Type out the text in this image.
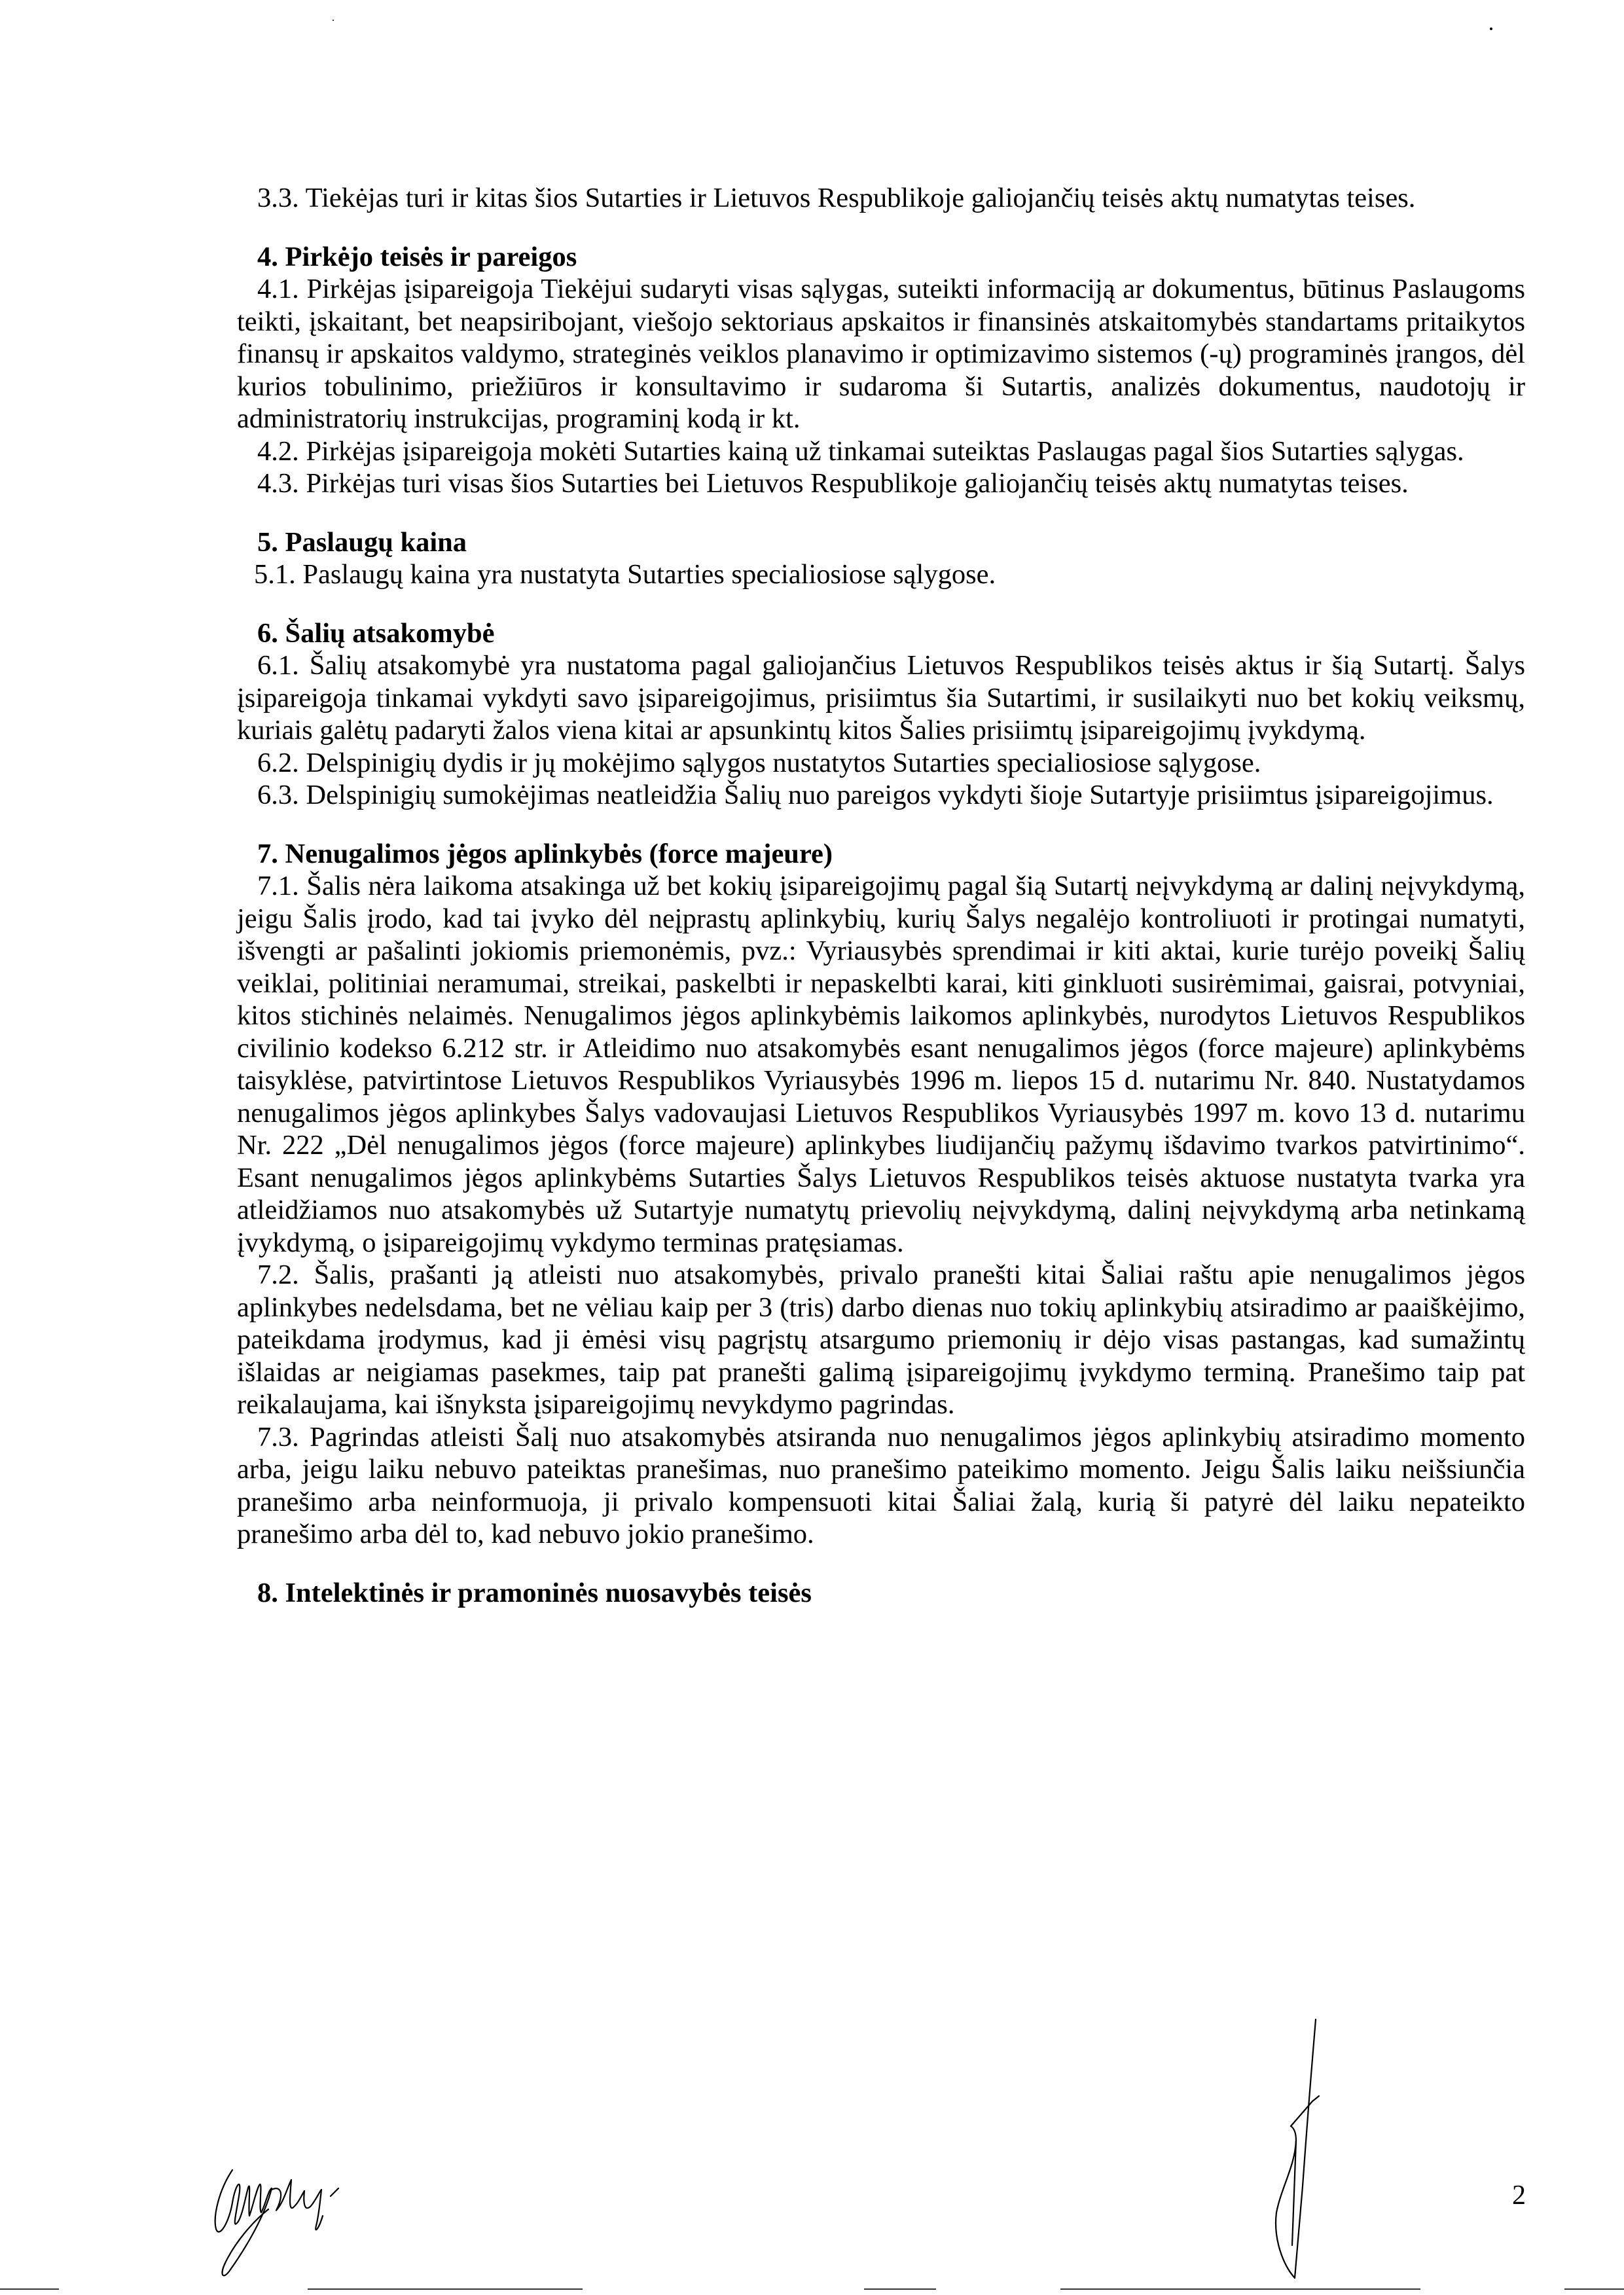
3.3. Tiekėjas turi ir kitas šios Sutarties ir Lietuvos Respublikoje galiojančių teisės aktų numatytas teises.

4. Pirkėjo teisės ir pareigos

4.1. Pirkėjas įsipareigoja Tiekėjui sudaryti visas sąlygas, suteikti informaciją ar dokumentus, būtinus Paslaugoms teikti, įskaitant, bet neapsiribojant, viešojo sektoriaus apskaitos ir finansinės atskaitomybės standartams pritaikytos finansų ir apskaitos valdymo, strateginės veiklos planavimo ir optimizavimo sistemos (-ų) programinės įrangos, dėl kurios tobulinimo, priežiūros ir konsultavimo ir sudaroma ši Sutartis, analizės dokumentus, naudotojų ir administratorių instrukcijas, programinį kodą ir kt.

4.2. Pirkėjas įsipareigoja mokėti Sutarties kainą už tinkamai suteiktas Paslaugas pagal šios Sutarties sąlygas.

4.3. Pirkėjas turi visas šios Sutarties bei Lietuvos Respublikoje galiojančių teisės aktų numatytas teises.

5. Paslaugų kaina

5.1. Paslaugų kaina yra nustatyta Sutarties specialiosiose sąlygose.

6. Šalių atsakomybė

6.1. Šalių atsakomybė yra nustatoma pagal galiojančius Lietuvos Respublikos teisės aktus ir šią Sutartį. Šalys įsipareigoja tinkamai vykdyti savo įsipareigojimus, prisiimtus šia Sutartimi, ir susilaikyti nuo bet kokių veiksmų, kuriais galėtų padaryti žalos viena kitai ar apsunkintų kitos Šalies prisiimtų įsipareigojimų įvykdymą.

6.2. Delspinigių dydis ir jų mokėjimo sąlygos nustatytos Sutarties specialiosiose sąlygose.

6.3. Delspinigių sumokėjimas neatleidžia Šalių nuo pareigos vykdyti šioje Sutartyje prisiimtus įsipareigojimus.

7. Nenugalimos jėgos aplinkybės (force majeure)

7.1. Šalis nėra laikoma atsakinga už bet kokių įsipareigojimų pagal šią Sutartį neįvykdymą ar dalinį neįvykdymą, jeigu Šalis įrodo, kad tai įvyko dėl neįprastų aplinkybių, kurių Šalys negalėjo kontroliuoti ir protingai numatyti, išvengti ar pašalinti jokiomis priemonėmis, pvz.: Vyriausybės sprendimai ir kiti aktai, kurie turėjo poveikį Šalių veiklai, politiniai neramumai, streikai, paskelbti ir nepaskelbti karai, kiti ginkluoti susirėmimai, gaisrai, potvyniai, kitos stichinės nelaimės. Nenugalimos jėgos aplinkybėmis laikomos aplinkybės, nurodytos Lietuvos Respublikos civilinio kodekso 6.212 str. ir Atleidimo nuo atsakomybės esant nenugalimos jėgos (force majeure) aplinkybėms taisyklėse, patvirtintose Lietuvos Respublikos Vyriausybės 1996 m. liepos 15 d. nutarimu Nr. 840. Nustatydamos nenugalimos jėgos aplinkybes Šalys vadovaujasi Lietuvos Respublikos Vyriausybės 1997 m. kovo 13 d. nutarimu Nr. 222 „Dėl nenugalimos jėgos (force majeure) aplinkybes liudijančių pažymų išdavimo tvarkos patvirtinimo“. Esant nenugalimos jėgos aplinkybėms Sutarties Šalys Lietuvos Respublikos teisės aktuose nustatyta tvarka yra atleidžiamos nuo atsakomybės už Sutartyje numatytų prievolių neįvykdymą, dalinį neįvykdymą arba netinkamą įvykdymą, o įsipareigojimų vykdymo terminas pratęsiamas.

7.2. Šalis, prašanti ją atleisti nuo atsakomybės, privalo pranešti kitai Šaliai raštu apie nenugalimos jėgos aplinkybes nedelsdama, bet ne vėliau kaip per 3 (tris) darbo dienas nuo tokių aplinkybių atsiradimo ar paaiškėjimo, pateikdama įrodymus, kad ji ėmėsi visų pagrįstų atsargumo priemonių ir dėjo visas pastangas, kad sumažintų išlaidas ar neigiamas pasekmes, taip pat pranešti galimą įsipareigojimų įvykdymo terminą. Pranešimo taip pat reikalaujama, kai išnyksta įsipareigojimų nevykdymo pagrindas.

7.3. Pagrindas atleisti Šalį nuo atsakomybės atsiranda nuo nenugalimos jėgos aplinkybių atsiradimo momento arba, jeigu laiku nebuvo pateiktas pranešimas, nuo pranešimo pateikimo momento. Jeigu Šalis laiku neišsiunčia pranešimo arba neinformuoja, ji privalo kompensuoti kitai Šaliai žalą, kurią ši patyrė dėl laiku nepateikto pranešimo arba dėl to, kad nebuvo jokio pranešimo.

8. Intelektinės ir pramoninės nuosavybės teisės

2
